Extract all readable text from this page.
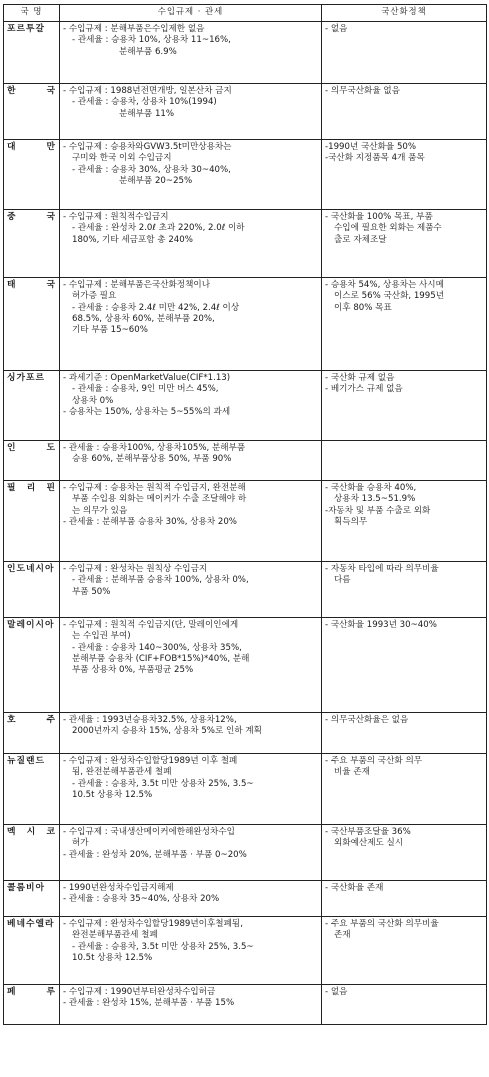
국 명	수입규제 · 관세	국산화정책
포르투갈	- 수입규제 : 분해부품은수입제한 없음
- 관세율 : 승용차 10%, 상용차 11~16%,
분해부품 6.9%	- 없음

한 국	- 수입규제 : 1988년전면개방, 일본산차 금지
- 관세율 : 승용차, 상용차 10%(1994)
분해부품 11%	- 의무국산화율 없음

대 만	- 수입규제 : 승용차와GVW3.5t미만상용차는
구미와 한국 이외 수입금지
- 관세율 : 승용차 30%, 상용차 30~40%,
분해부품 20~25%	-1990년 국산화율 50%
-국산화 지정품목 4개 품목

중 국	- 수입규제 : 원칙적수입금지
- 관세율 : 완성차 2.0ℓ 초과 220%, 2.0ℓ 이하
180%, 기타 세금포함 총 240%	- 국산화율 100% 목표, 부품
수입에 필요한 외화는 제품수
출로 자체조달

태 국	- 수입규제 : 분해부품은국산화정책이나
허가증 필요
- 관세율 : 승용차 2.4ℓ 미만 42%, 2.4ℓ 이상
68.5%, 상용차 60%, 분해부품 20%,
기타 부품 15~60%	- 승용차 54%, 상용차는 사시메
이스로 56% 국산화, 1995년
이후 80% 목표

싱가포르	- 과세기준 : OpenMarketValue(CIF*1.13)
- 관세율 : 승용차, 9인 미만 버스 45%,
상용차 0%
- 승용차는 150%, 상용차는 5~55%의 과세	- 국산화 규제 없음
- 베기가스 규제 없음

인 도	- 관세율 : 승용차100%, 상용차105%, 분해부품
승용 60%, 분해부품상용 50%, 부품 90%	

필 리 핀	- 수입규제 : 승용차는 원칙적 수입금지, 완전분해
부품 수입용 외화는 메이커가 수출 조달해야 하
는 의무가 있음
- 관세율 : 분해부품 승용차 30%, 상용차 20%	- 국산화율 승용차 40%,
상용차 13.5~51.9%
-자동차 및 부품 수출로 외화
획득의무

인도네시아	- 수입규제 : 완성차는 원칙상 수입금지
- 관세율 : 분해부품 승용차 100%, 상용차 0%,
부품 50%	- 자동차 타입에 따라 의무비율
다름

말레이시아	- 수입규제 : 원칙적 수입금지(단, 말레이인에게
는 수입권 부여)
- 관세율 : 승용차 140~300%, 상용차 35%,
분해부품 승용차 (CIF+FOB*15%)*40%, 분해
부품 상용차 0%, 부품평균 25%	- 국산화율 1993년 30~40%

호 주	- 관세율 : 1993년승용차32.5%, 상용차12%,
2000년까지 승용차 15%, 상용차 5%로 인하 계획	- 의무국산화율은 없음

뉴질랜드	- 수입규제 : 완성차수입할당1989년 이후 철폐
됨, 완전분해부품관세 철폐
- 관세율 : 승용차, 3.5t 미만 상용차 25%, 3.5~
10.5t 상용차 12.5%	- 주요 부품의 국산화 의무
비율 존재

멕 시 코	- 수입규제 : 국내생산메이커에한해완성차수입
허가
- 관세율 : 완성차 20%, 분해부품 · 부품 0~20%	- 국산부품조달율 36%
외화예산제도 실시

콜롬비아	- 1990년완성차수입금지해제
- 관세율 : 승용차 35~40%, 상용차 20%	- 국산화율 존재

베네수엘라	- 수입규제 : 완성차수입할당1989년이후철폐됨,
완전분해부품관세 철폐
- 관세율 : 승용차, 3.5t 미만 상용차 25%, 3.5~
10.5t 상용차 12.5%	- 주요 부품의 국산화 의무비율
존재

페 루	- 수입규제 : 1990년부터완성차수입허금
- 관세율 : 완성차 15%, 분해부품 · 부품 15%	- 없음
